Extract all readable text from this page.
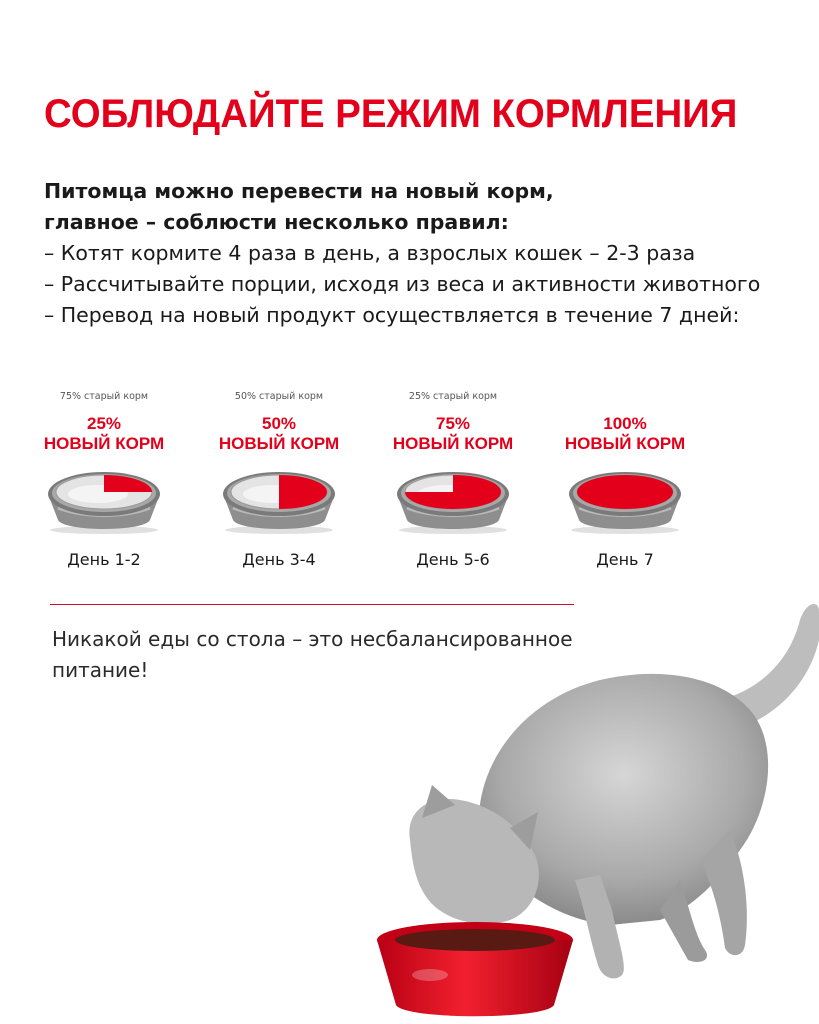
СОБЛЮДАЙТЕ РЕЖИМ КОРМЛЕНИЯ

Питомца можно перевести на новый корм,

главное – соблюсти несколько правил:

– Котят кормите 4 раза в день, а взрослых кошек – 2-3 раза

– Рассчитывайте порции, исходя из веса и активности животного

– Перевод на новый продукт осуществляется в течение 7 дней:

75% старый корм
25%
НОВЫЙ КОРМ
День 1-2
50% старый корм
50%
НОВЫЙ КОРМ
День 3-4
25% старый корм
75%
НОВЫЙ КОРМ
День 5-6
100%
НОВЫЙ КОРМ
День 7
Никакой еды со стола – это несбалансированное питание!
